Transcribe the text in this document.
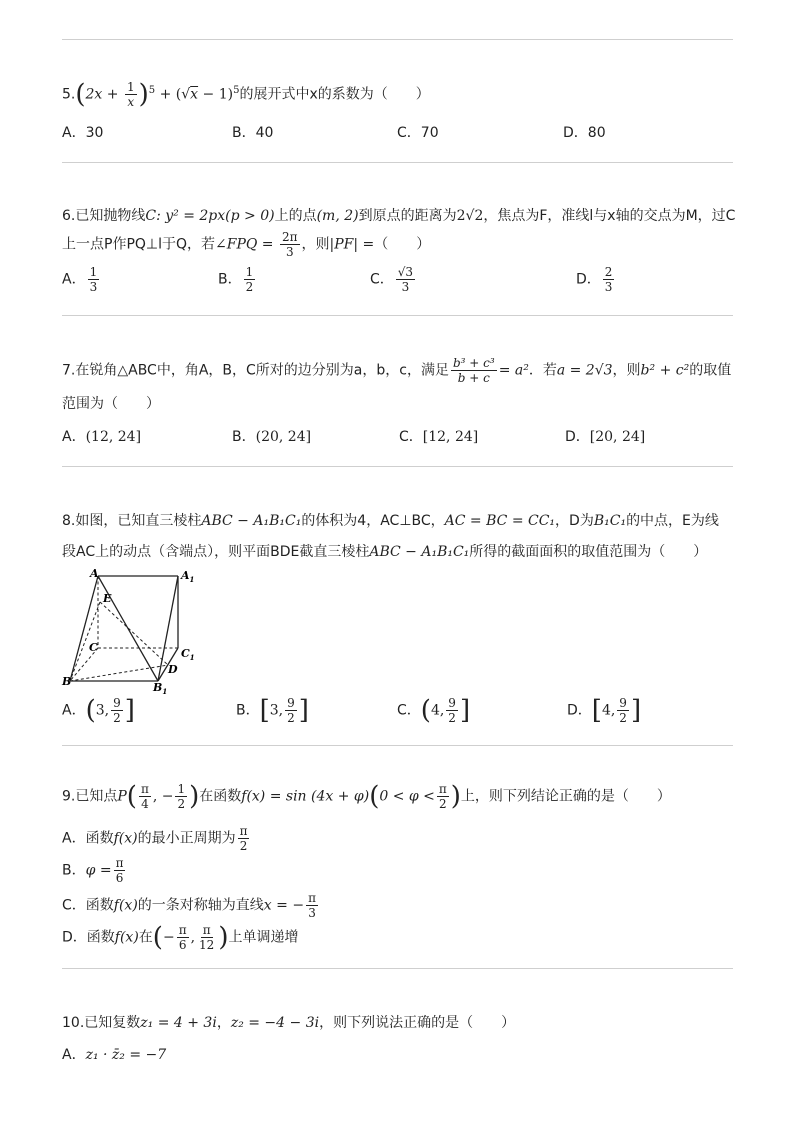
$5.(2x + \frac{1}{x} )^5 + (√x - 1)^5$的展开式中x的系数为（　　）
A．30	B．40	C．70	D．80
6.已知抛物线C: y² = 2px(p > 0)上的点(m, 2)到原点的距离为2√2，焦点为F，准线l与x轴的交点为M，过C
上一点P作PQ⊥l于Q，若∠FPQ = $\frac{2\pi}{3}$ ，则|PF| =（　　）
A． $\frac{1}{3}$	B． $\frac{1}{2}$	C． $\frac{√3}{3}$	D． $\frac{2}{3}$
7.在锐角△ABC中，角A，B，C所对的边分别为a，b，c，满足 $\frac{\text{b³ + c³}}{b + c} = a^2$．若a = 2√3，则b² + c²的取值
范围为（　　）
A．(12, 24]	B．(20, 24]	C．[12, 24]	D．[20, 24]
8.如图，已知直三棱柱ABC − A₁B₁C₁的体积为4，AC⊥BC，AC = BC = CC₁，D为B₁C₁的中点，E为线
段AC上的动点（含端点），则平面BDE截直三棱柱ABC − A₁B₁C₁所得的截面面积的取值范围为（　　）
A	$A_1$
E
C	$C_1$
D
B	$B_1$
A．(3, $\frac{9}{2}$ ]	B．[3, $\frac{9}{2}$ ]	C．(4, $\frac{9}{2}$ ]	D．[4, $\frac{9}{2}$ ]
9.已知点$P( \frac{\pi}{4}$ , − $\frac{1}{2}$ )在函数$f(x) = \sin (4x + \varphi)(0 < \varphi < \frac{\pi}{2}$ )上，则下列结论正确的是（　　）
A．函数f(x)的最小正周期为 $\frac{\pi}{2}$
B．$\varphi = \frac{\pi}{6}$
C．函数f(x)的一条对称轴为直线x = − $\frac{\pi}{3}$
D．函数f(x)在(− $\frac{\pi}{6}$ , $\frac{\pi}{12}$ )上单调递增
10.已知复数z₁ = 4 + 3i，z₂ = −4 − 3i，则下列说法正确的是（　　）
A．z₁ · z̄₂ = −7
